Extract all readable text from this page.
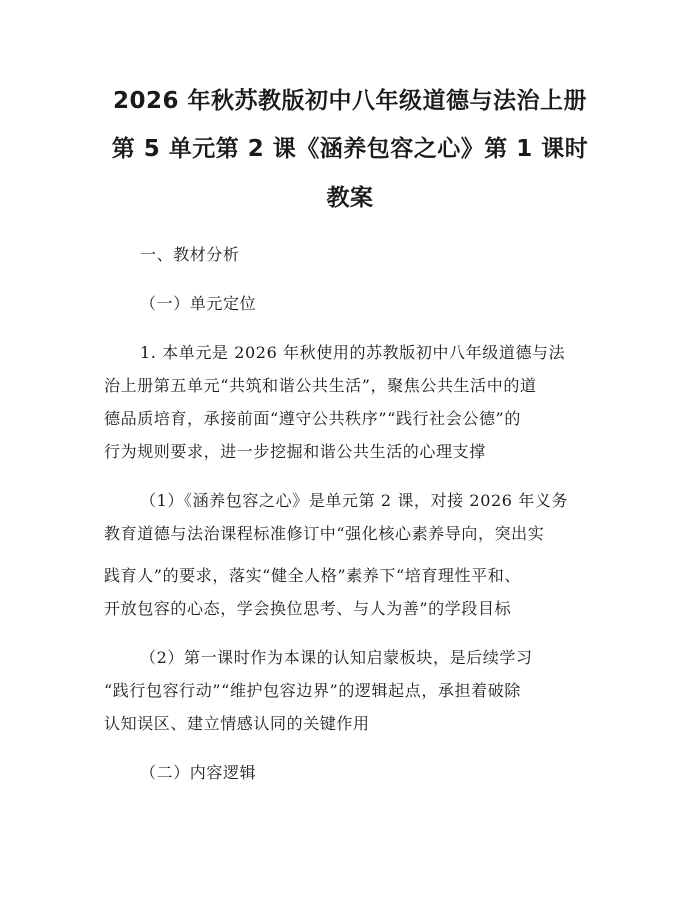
2026 年秋苏教版初中八年级道德与法治上册
第 5 单元第 2 课《涵养包容之心》第 1 课时
教案
一、教材分析
（一）单元定位
1. 本单元是 2026 年秋使用的苏教版初中八年级道德与法
治上册第五单元“共筑和谐公共生活”，聚焦公共生活中的道
德品质培育，承接前面“遵守公共秩序”“践行社会公德”的
行为规则要求，进一步挖掘和谐公共生活的心理支撑
（1）《涵养包容之心》是单元第 2 课，对接 2026 年义务
教育道德与法治课程标准修订中“强化核心素养导向，突出实
践育人”的要求，落实“健全人格”素养下“培育理性平和、
开放包容的心态，学会换位思考、与人为善”的学段目标
（2）第一课时作为本课的认知启蒙板块，是后续学习
“践行包容行动”“维护包容边界”的逻辑起点，承担着破除
认知误区、建立情感认同的关键作用
（二）内容逻辑
